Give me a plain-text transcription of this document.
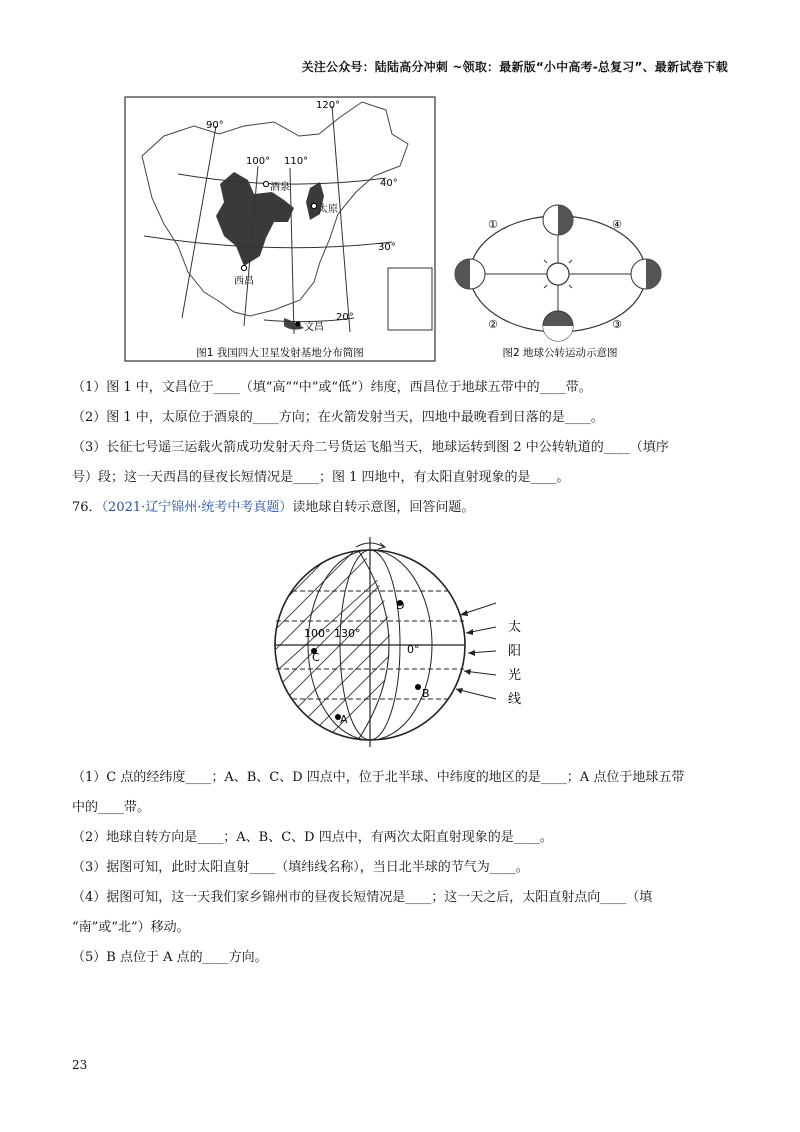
关注公众号：陆陆高分冲刺 ~领取：最新版“小中高考-总复习”、最新试卷下载
90°
100° 110°
120°
40°
30°
20°
酒泉
太原
西昌
文昌
图1 我国四大卫星发射基地分布简图
①
②	③
④
图2 地球公转运动示意图
（1）图 1 中，文昌位于____（填“高”“中”或“低”）纬度，西昌位于地球五带中的____带。
（2）图 1 中，太原位于酒泉的____方向；在火箭发射当天，四地中最晚看到日落的是____。
（3）长征七号遥三运载火箭成功发射天舟二号货运飞船当天，地球运转到图 2 中公转轨道的____（填序
号）段；这一天西昌的昼夜长短情况是____；图 1 四地中，有太阳直射现象的是____。
76．（2021·辽宁锦州·统考中考真题）读地球自转示意图，回答问题。
D
C
B
A
100° 130°
0°
太
阳
光
线
（1）C 点的经纬度____；A、B、C、D 四点中，位于北半球、中纬度的地区的是____；A 点位于地球五带
中的____带。
（2）地球自转方向是____；A、B、C、D 四点中，有两次太阳直射现象的是____。
（3）据图可知，此时太阳直射____（填纬线名称），当日北半球的节气为____。
（4）据图可知，这一天我们家乡锦州市的昼夜长短情况是____；这一天之后，太阳直射点向____（填
“南”或“北”）移动。
（5）B 点位于 A 点的____方向。
23
